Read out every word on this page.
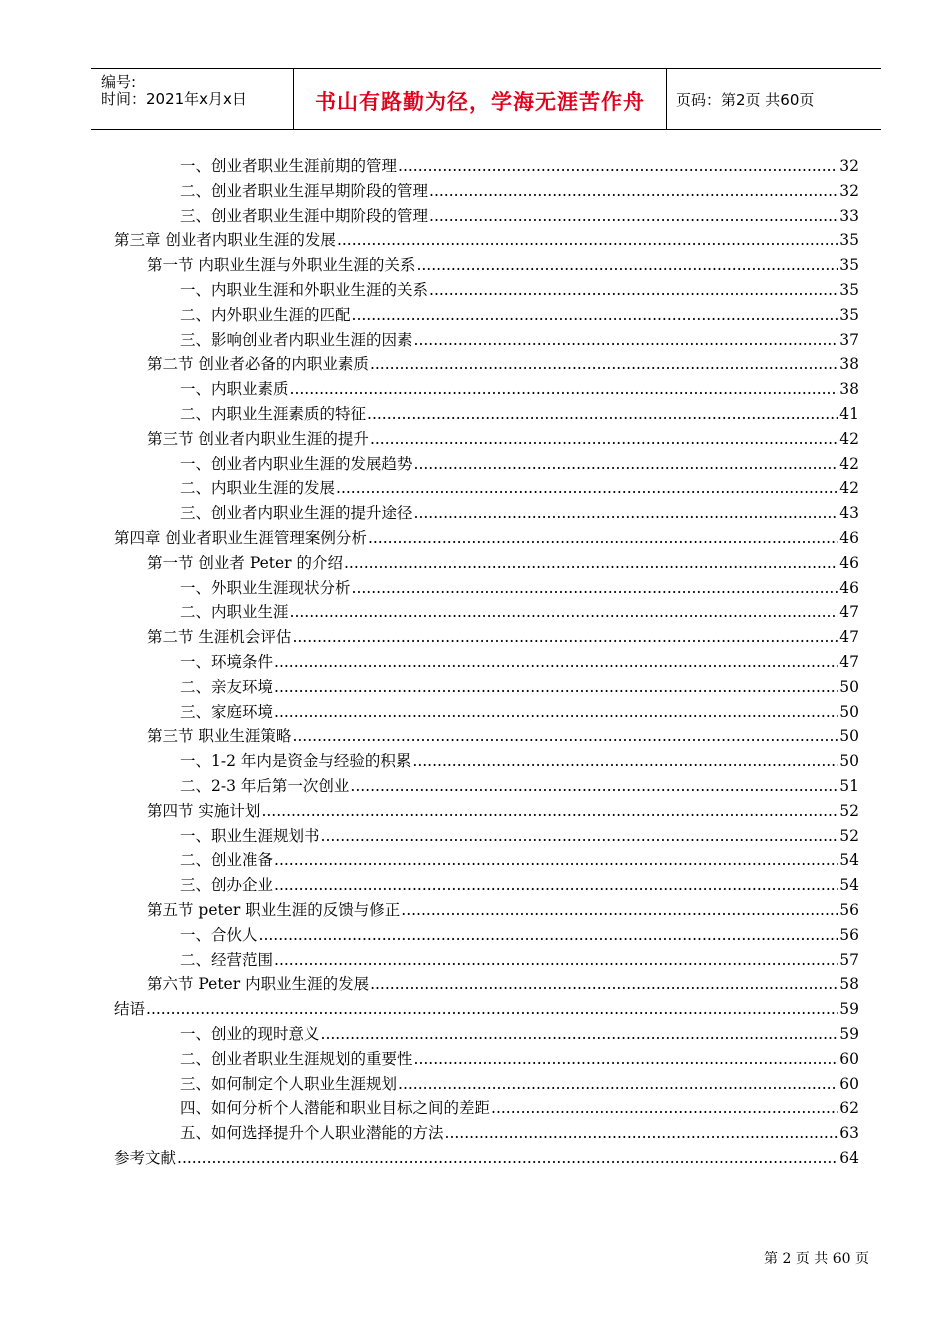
编号:
时间：2021年x月x日	书山有路勤为径，学海无涯苦作舟	页码：第2页 共60页
一、创业者职业生涯前期的管理 .....	32
二、创业者职业生涯早期阶段的管理 .....	32
三、创业者职业生涯中期阶段的管理 .....	33
第三章 创业者内职业生涯的发展 .....	35
第一节 内职业生涯与外职业生涯的关系 .....	35
一、内职业生涯和外职业生涯的关系 .....	35
二、内外职业生涯的匹配 .....	35
三、影响创业者内职业生涯的因素 .....	37
第二节 创业者必备的内职业素质 .....	38
一、内职业素质 .....	38
二、内职业生涯素质的特征 .....	41
第三节 创业者内职业生涯的提升 .....	42
一、创业者内职业生涯的发展趋势 .....	42
二、内职业生涯的发展 .....	42
三、创业者内职业生涯的提升途径 .....	43
第四章 创业者职业生涯管理案例分析 .....	46
第一节 创业者 Peter 的介绍 .....	46
一、外职业生涯现状分析 .....	46
二、内职业生涯 .....	47
第二节 生涯机会评估 .....	47
一、环境条件 .....	47
二、亲友环境 .....	50
三、家庭环境 .....	50
第三节 职业生涯策略 .....	50
一、1-2 年内是资金与经验的积累 .....	50
二、2-3 年后第一次创业 .....	51
第四节 实施计划 .....	52
一、职业生涯规划书 .....	52
二、创业准备 .....	54
三、创办企业 .....	54
第五节 peter 职业生涯的反馈与修正 .....	56
一、合伙人 .....	56
二、经营范围 .....	57
第六节 Peter 内职业生涯的发展 .....	58
结语 .....	59
一、创业的现时意义 .....	59
二、创业者职业生涯规划的重要性 .....	60
三、如何制定个人职业生涯规划 .....	60
四、如何分析个人潜能和职业目标之间的差距 .....	62
五、如何选择提升个人职业潜能的方法 .....	63
参考文献 .....	64
第 2 页 共 60 页
